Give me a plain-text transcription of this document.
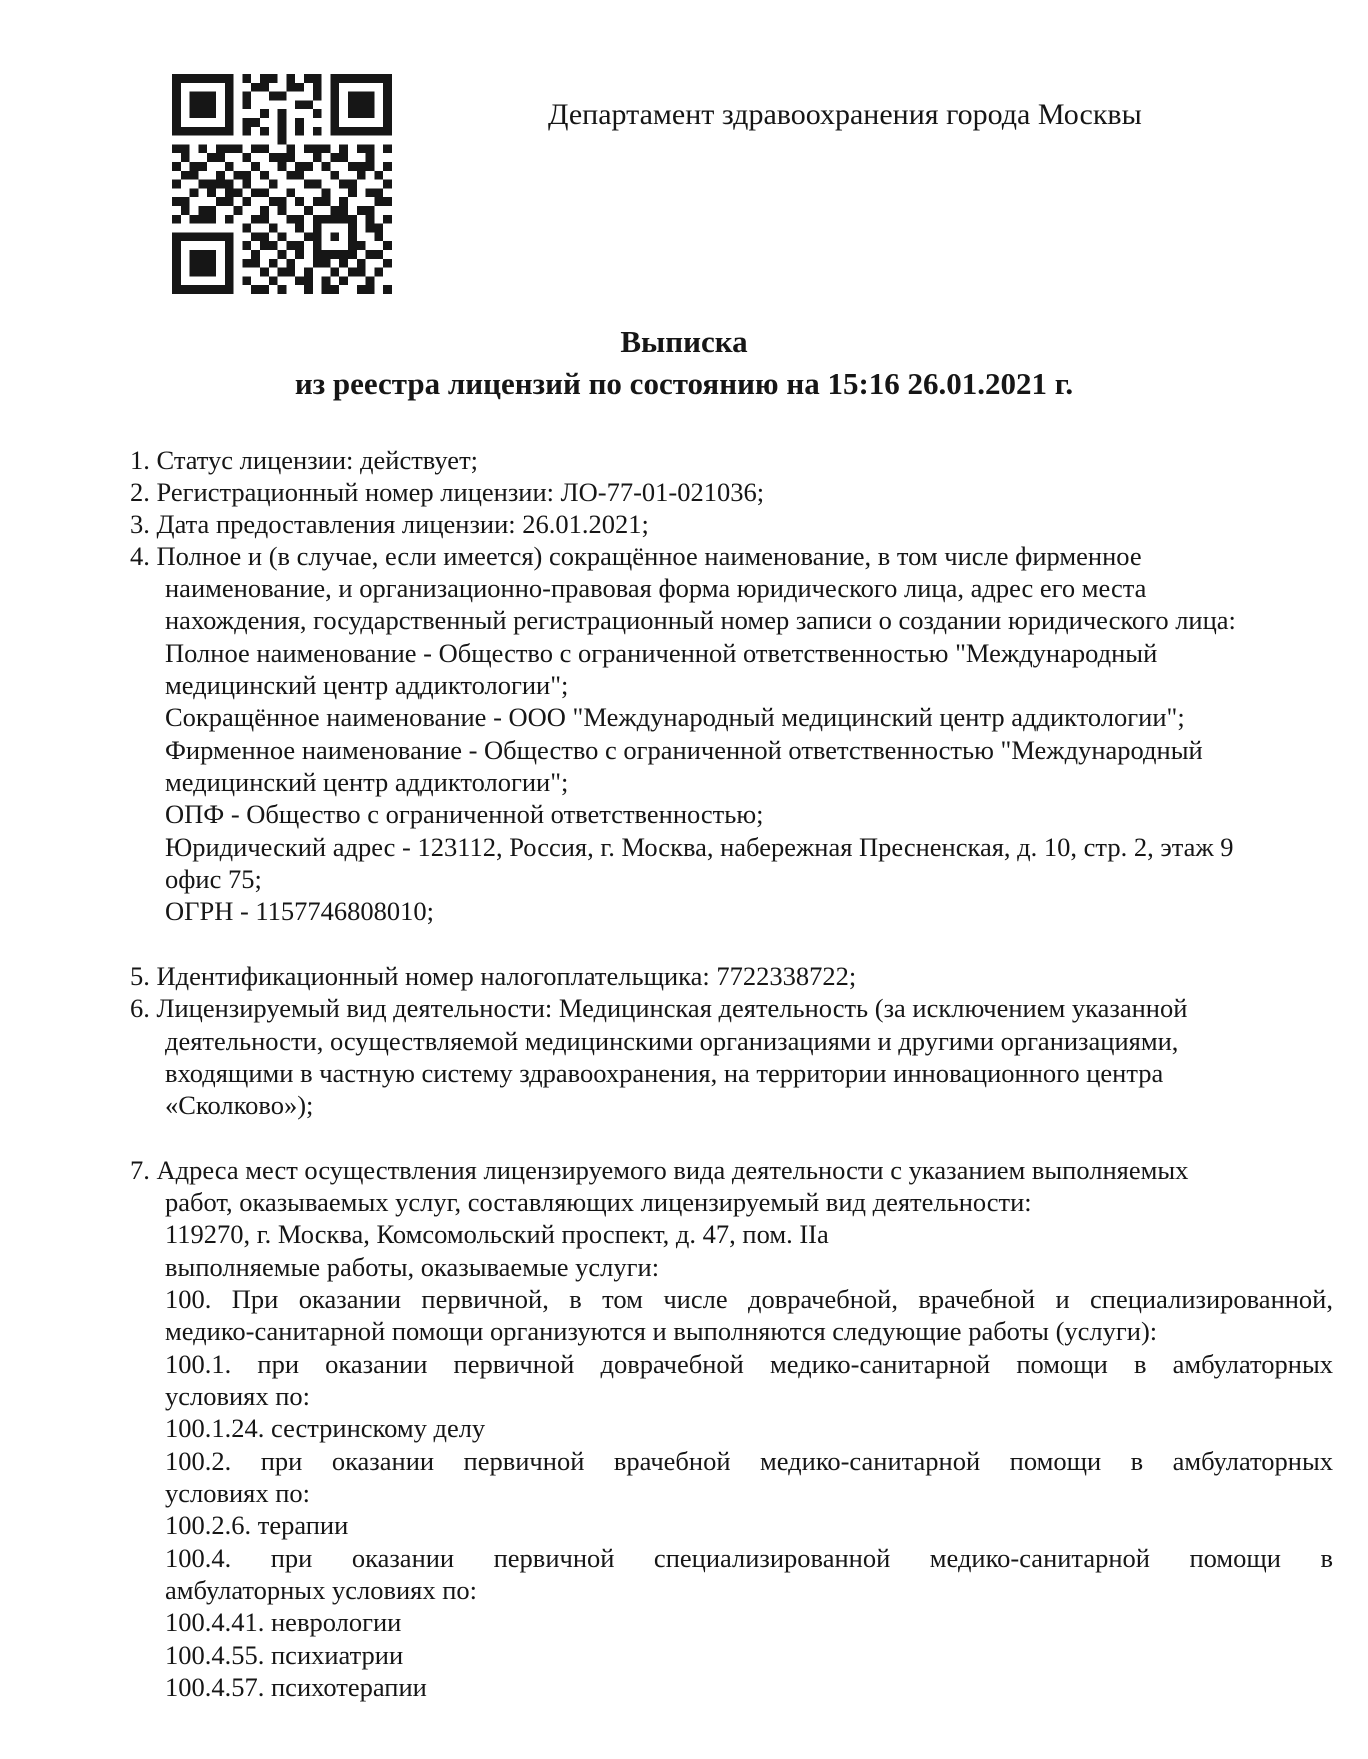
Департамент здравоохранения города Москвы
Выписка
из реестра лицензий по состоянию на 15:16 26.01.2021 г.
1. Статус лицензии: действует;
2. Регистрационный номер лицензии: ЛО-77-01-021036;
3. Дата предоставления лицензии: 26.01.2021;
4. Полное и (в случае, если имеется) сокращённое наименование, в том числе фирменное
наименование, и организационно-правовая форма юридического лица, адрес его места
нахождения, государственный регистрационный номер записи о создании юридического лица:
Полное наименование - Общество с ограниченной ответственностью "Международный
медицинский центр аддиктологии";
Сокращённое наименование - ООО "Международный медицинский центр аддиктологии";
Фирменное наименование - Общество с ограниченной ответственностью "Международный
медицинский центр аддиктологии";
ОПФ - Общество с ограниченной ответственностью;
Юридический адрес - 123112, Россия, г. Москва, набережная Пресненская, д. 10, стр. 2, этаж 9
офис 75;
ОГРН - 1157746808010;
5. Идентификационный номер налогоплательщика: 7722338722;
6. Лицензируемый вид деятельности: Медицинская деятельность (за исключением указанной
деятельности, осуществляемой медицинскими организациями и другими организациями,
входящими в частную систему здравоохранения, на территории инновационного центра
«Сколково»);
7. Адреса мест осуществления лицензируемого вида деятельности с указанием выполняемых
работ, оказываемых услуг, составляющих лицензируемый вид деятельности:
119270, г. Москва, Комсомольский проспект, д. 47, пом. IIа
выполняемые работы, оказываемые услуги:
100. При оказании первичной, в том числе доврачебной, врачебной и специализированной,
медико-санитарной помощи организуются и выполняются следующие работы (услуги):
100.1. при оказании первичной доврачебной медико-санитарной помощи в амбулаторных
условиях по:
100.1.24. сестринскому делу
100.2. при оказании первичной врачебной медико-санитарной помощи в амбулаторных
условиях по:
100.2.6. терапии
100.4. при оказании первичной специализированной медико-санитарной помощи в
амбулаторных условиях по:
100.4.41. неврологии
100.4.55. психиатрии
100.4.57. психотерапии
